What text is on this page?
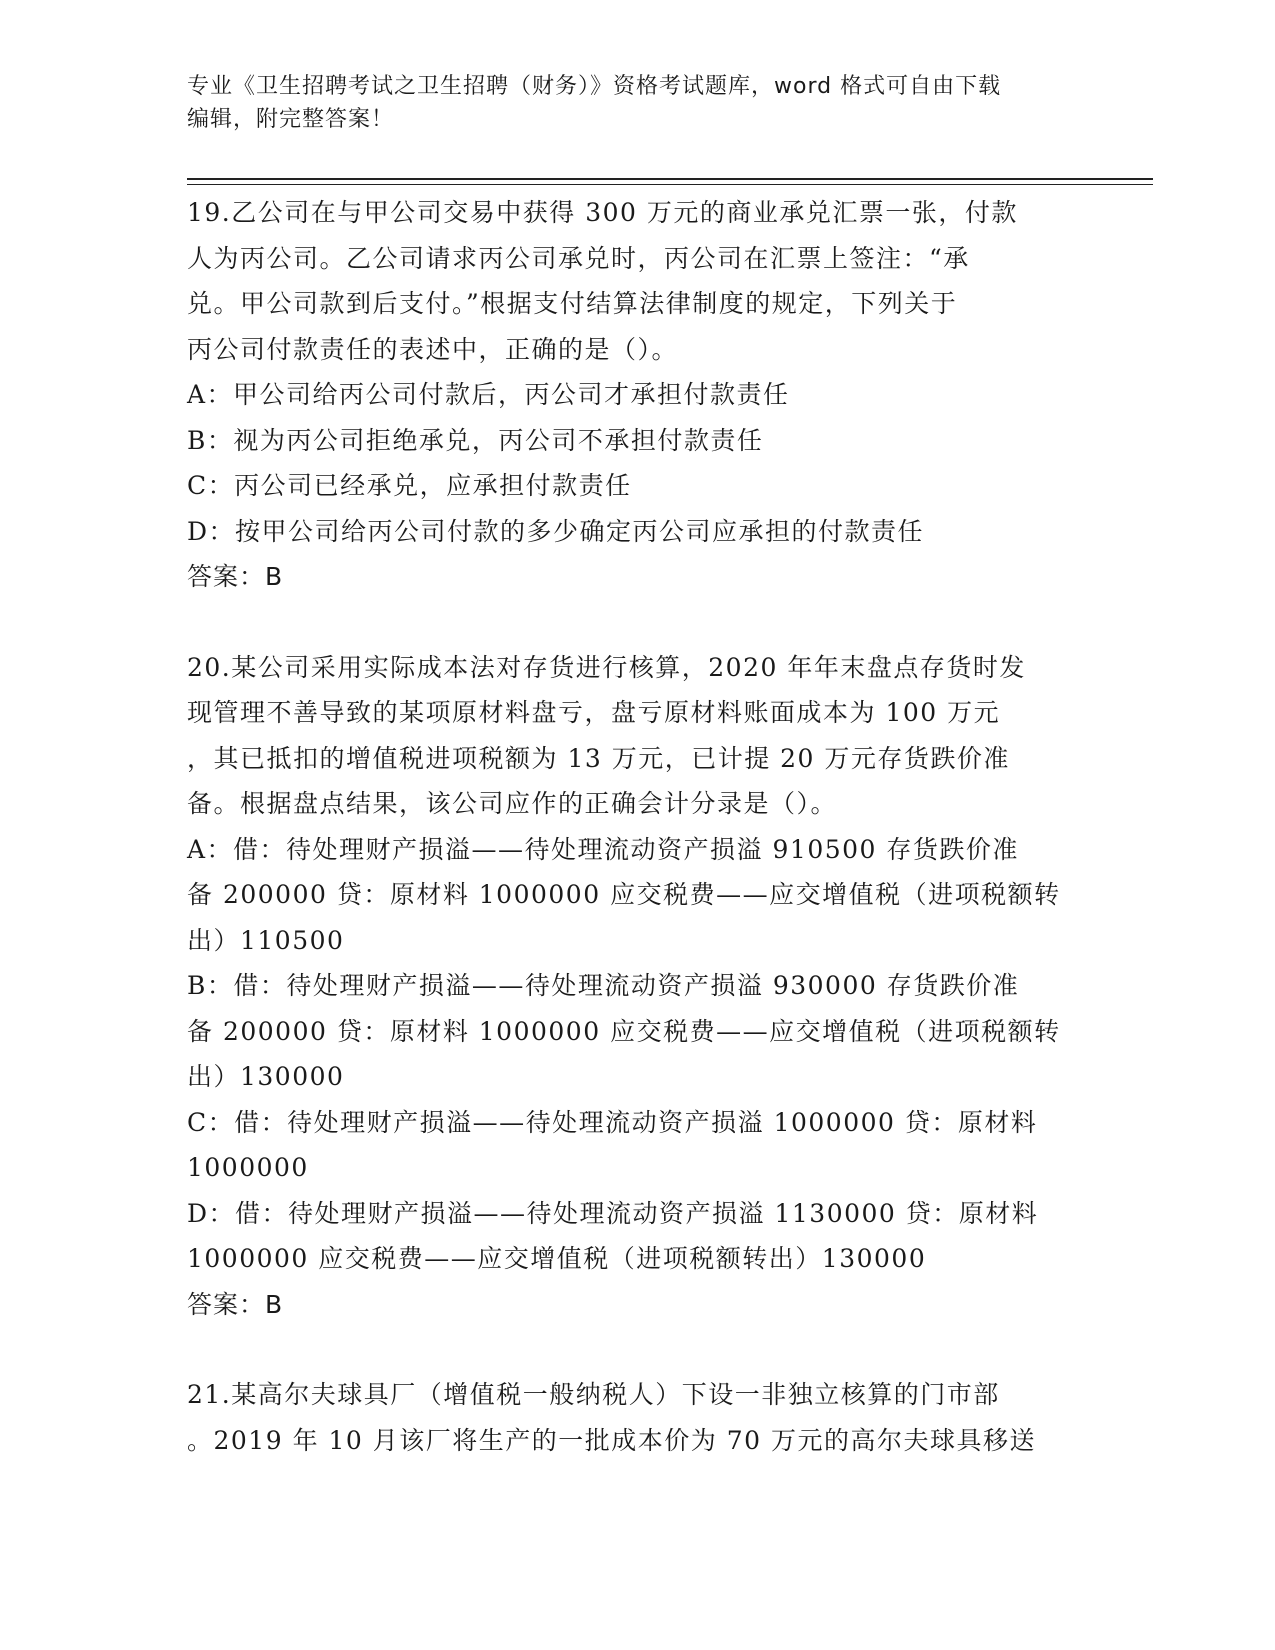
专业《卫生招聘考试之卫生招聘（财务）》资格考试题库，word 格式可自由下载
编辑，附完整答案！
19.乙公司在与甲公司交易中获得 300 万元的商业承兑汇票一张，付款
人为丙公司。乙公司请求丙公司承兑时，丙公司在汇票上签注：“承
兑。甲公司款到后支付。”根据支付结算法律制度的规定，下列关于
丙公司付款责任的表述中，正确的是（）。
A：甲公司给丙公司付款后，丙公司才承担付款责任
B：视为丙公司拒绝承兑，丙公司不承担付款责任
C：丙公司已经承兑，应承担付款责任
D：按甲公司给丙公司付款的多少确定丙公司应承担的付款责任
答案：B
20.某公司采用实际成本法对存货进行核算，2020 年年末盘点存货时发
现管理不善导致的某项原材料盘亏，盘亏原材料账面成本为 100 万元
，其已抵扣的增值税进项税额为 13 万元，已计提 20 万元存货跌价准
备。根据盘点结果，该公司应作的正确会计分录是（）。
A：借：待处理财产损溢——待处理流动资产损溢 910500 存货跌价准
备 200000 贷：原材料 1000000 应交税费——应交增值税（进项税额转
出）110500
B：借：待处理财产损溢——待处理流动资产损溢 930000 存货跌价准
备 200000 贷：原材料 1000000 应交税费——应交增值税（进项税额转
出）130000
C：借：待处理财产损溢——待处理流动资产损溢 1000000 贷：原材料
1000000
D：借：待处理财产损溢——待处理流动资产损溢 1130000 贷：原材料
1000000 应交税费——应交增值税（进项税额转出）130000
答案：B
21.某高尔夫球具厂（增值税一般纳税人）下设一非独立核算的门市部
。2019 年 10 月该厂将生产的一批成本价为 70 万元的高尔夫球具移送
